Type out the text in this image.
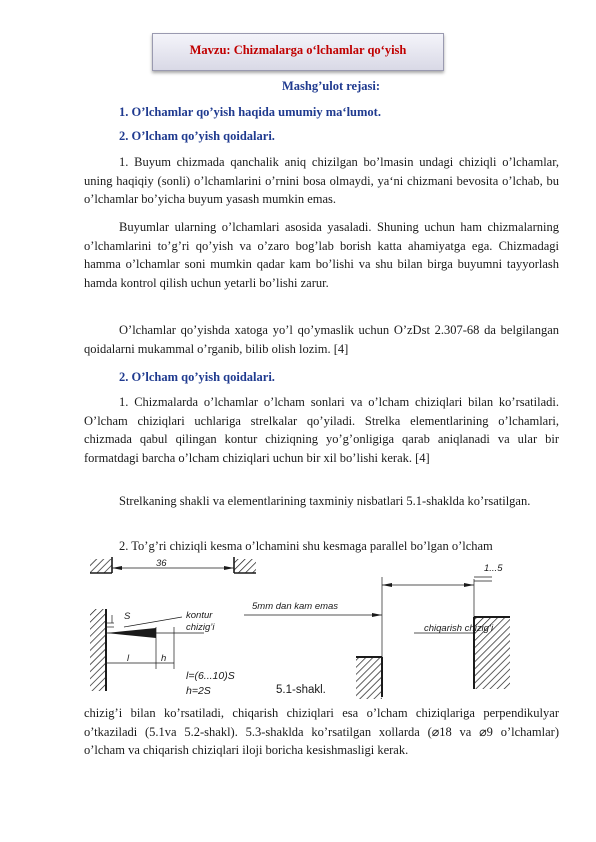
Mavzu: Chizmalarga o‘lchamlar qo‘yish
Mashg’ulot rejasi:
1. O’lchamlar qo’yish haqida umumiy ma‘lumot.
2. O’lcham qo’yish qoidalari.

1. Buyum chizmada qanchalik aniq chizilgan bo’lmasin undagi chiziqli o’lchamlar, uning haqiqiy (sonli) o’lchamlarini o’rnini bosa olmaydi, ya‘ni chizmani bevosita o’lchab, bu o’lchamlar bo’yicha buyum yasash mumkin emas.

Buyumlar ularning o’lchamlari asosida yasaladi. Shuning uchun ham chizmalarning o’lchamlarini to’g’ri qo’yish va o’zaro bog’lab borish katta ahamiyatga ega. Chizmadagi hamma o’lchamlar soni mumkin qadar kam bo’lishi va shu bilan birga buyumni tayyorlash hamda kontrol qilish uchun yetarli bo’lishi zarur.

O’lchamlar qo’yishda xatoga yo’l qo’ymaslik uchun O’zDst 2.307-68 da belgilangan qoidalarni mukammal o’rganib, bilib olish lozim. [4]

2. O’lcham qo’yish qoidalari.

1. Chizmalarda o’lchamlar o’lcham sonlari va o’lcham chiziqlari bilan ko’rsatiladi. O’lcham chiziqlari uchlariga strelkalar qo’yiladi. Strelka elementlarining o’lchamlari, chizmada qabul qilingan kontur chiziqning yo’g’onligiga qarab aniqlanadi va ular bir formatdagi barcha o’lcham chiziqlari uchun bir xil bo’lishi kerak. [4]

Strelkaning shakli va elementlarining taxminiy nisbatlari 5.1-shaklda ko’rsatilgan.

2. To’g’ri chiziqli kesma o’lchamini shu kesmaga parallel bo’lgan o’lcham

36
S	kontur
chizig’i
l	h
l=(6...10)S
h=2S
5mm dan kam emas
1...5
chiqarish chizig’i
5.1-shakl.

chizig’i bilan ko’rsatiladi, chiqarish chiziqlari esa o’lcham chiziqlariga perpendikulyar o’tkaziladi (5.1va 5.2-shakl). 5.3-shaklda ko’rsatilgan xollarda (⌀18 va ⌀9 o’lchamlar) o’lcham va chiqarish chiziqlari iloji boricha kesishmasligi kerak.
